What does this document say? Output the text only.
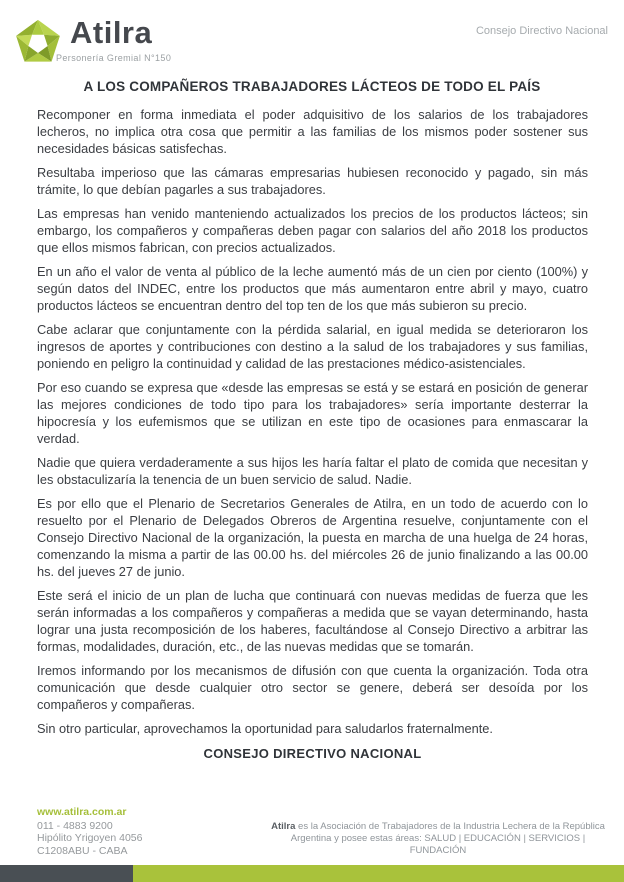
Atilra
Personería Gremial N°150
Consejo Directivo Nacional
A LOS COMPAÑEROS TRABAJADORES LÁCTEOS DE TODO EL PAÍS

Recomponer en forma inmediata el poder adquisitivo de los salarios de los trabajadores lecheros, no implica otra cosa que permitir a las familias de los mismos poder sostener sus necesidades básicas satisfechas.

Resultaba imperioso que las cámaras empresarias hubiesen reconocido y pagado, sin más trámite, lo que debían pagarles a sus trabajadores.

Las empresas han venido manteniendo actualizados los precios de los productos lácteos; sin embargo, los compañeros y compañeras deben pagar con salarios del año 2018 los productos que ellos mismos fabrican, con precios actualizados.

En un año el valor de venta al público de la leche aumentó más de un cien por ciento (100%) y según datos del INDEC, entre los productos que más aumentaron entre abril y mayo, cuatro productos lácteos se encuentran dentro del top ten de los que más subieron su precio.

Cabe aclarar que conjuntamente con la pérdida salarial, en igual medida se deterioraron los ingresos de aportes y contribuciones con destino a la salud de los trabajadores y sus familias, poniendo en peligro la continuidad y calidad de las prestaciones médico-asistenciales.

Por eso cuando se expresa que «desde las empresas se está y se estará en posición de generar las mejores condiciones de todo tipo para los trabajadores» sería importante desterrar la hipocresía y los eufemismos que se utilizan en este tipo de ocasiones para enmascarar la verdad.

Nadie que quiera verdaderamente a sus hijos les haría faltar el plato de comida que necesitan y les obstaculizaría la tenencia de un buen servicio de salud. Nadie.

Es por ello que el Plenario de Secretarios Generales de Atilra, en un todo de acuerdo con lo resuelto por el Plenario de Delegados Obreros de Argentina resuelve, conjuntamente con el Consejo Directivo Nacional de la organización, la puesta en marcha de una huelga de 24 horas, comenzando la misma a partir de las 00.00 hs. del miércoles 26 de junio finalizando a las 00.00 hs. del jueves 27 de junio.

Este será el inicio de un plan de lucha que continuará con nuevas medidas de fuerza que les serán informadas a los compañeros y compañeras a medida que se vayan determinando, hasta lograr una justa recomposición de los haberes, facultándose al Consejo Directivo a arbitrar las formas, modalidades, duración, etc., de las nuevas medidas que se tomarán.

Iremos informando por los mecanismos de difusión con que cuenta la organización. Toda otra comunicación que desde cualquier otro sector se genere, deberá ser desoída por los compañeros y compañeras.

Sin otro particular, aprovechamos la oportunidad para saludarlos fraternalmente.

CONSEJO DIRECTIVO NACIONAL
www.atilra.com.ar
011 - 4883 9200
Hipólito Yrigoyen 4056
C1208ABU - CABA
Atilra es la Asociación de Trabajadores de la Industria Lechera de la República Argentina y posee estas áreas: SALUD | EDUCACIÓN | SERVICIOS | FUNDACIÓN
